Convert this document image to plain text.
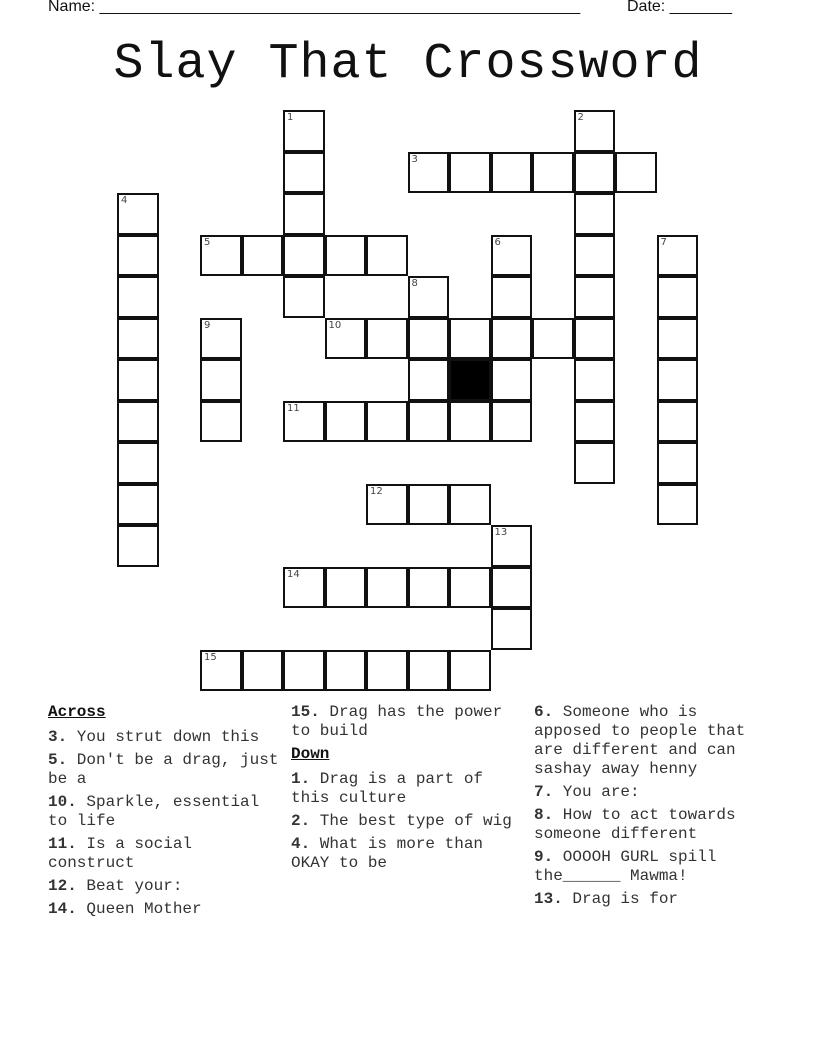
Name: ______________________________________________________	Date: _______
Slay That Crossword
1	2
3
4
5	6	7
8
9	10
11
12
13
14
15
Across
3. You strut down this
5. Don't be a drag, just be a
10. Sparkle, essential to life
11. Is a social construct
12. Beat your:
14. Queen Mother
15. Drag has the power to build
Down
1. Drag is a part of this culture
2. The best type of wig
4. What is more than OKAY to be
6. Someone who is apposed to people that are different and can sashay away henny
7. You are:
8. How to act towards someone different
9. OOOOH GURL spill the______ Mawma!
13. Drag is for
